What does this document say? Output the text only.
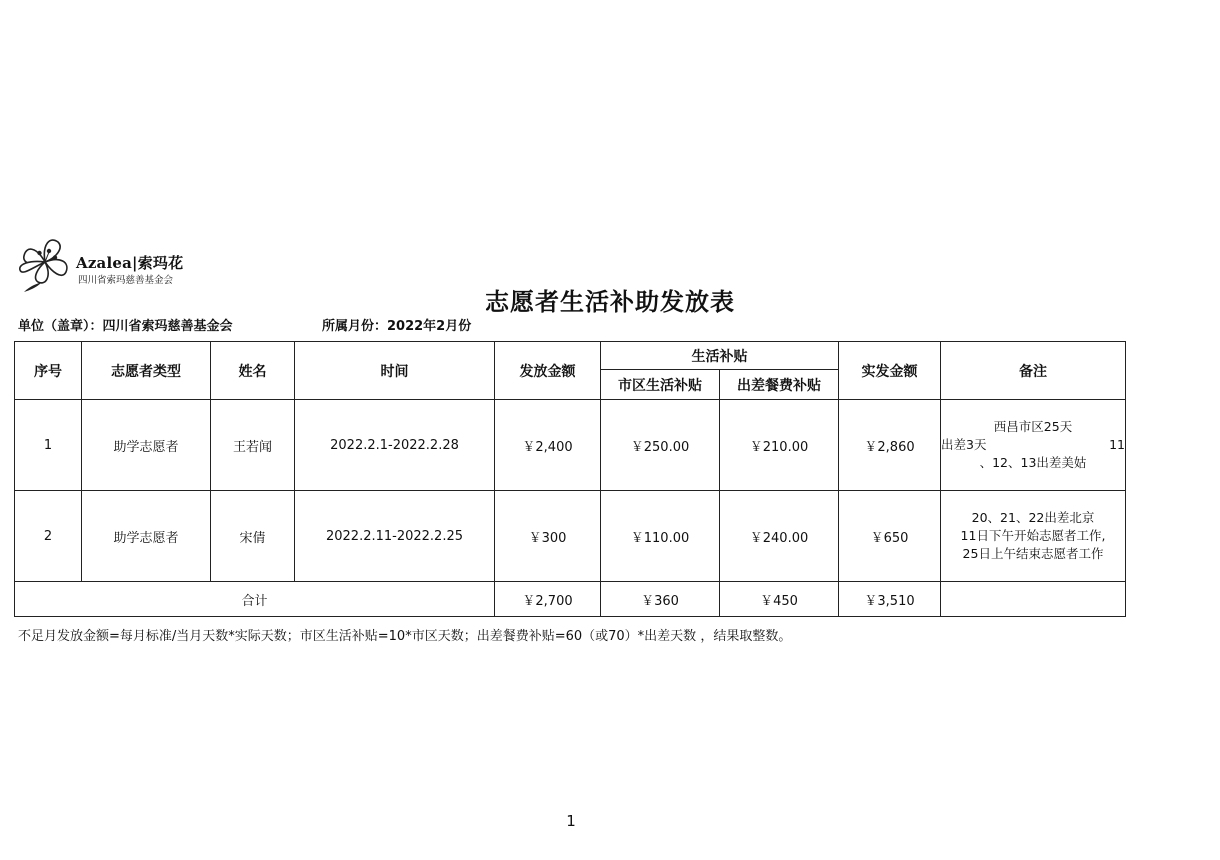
Azalea|索玛花
四川省索玛慈善基金会
志愿者生活补助发放表
单位（盖章）：四川省索玛慈善基金会	所属月份：2022年2月份
序号	志愿者类型	姓名	时间	发放金额	生活补贴		实发金额	备注
					市区生活补贴	出差餐费补贴		
1	助学志愿者	王若闻	2022.2.1-2022.2.28	￥2,400	￥250.00	￥210.00	￥2,860	西昌市区25天
出差3天 11
、12、13出差美姑

2	助学志愿者	宋倩	2022.2.11-2022.2.25	￥300	￥110.00	￥240.00	￥650	20、21、22出差北京
11日下午开始志愿者工作,
25日上午结束志愿者工作

合计				￥2,700	￥360	￥450	￥3,510	
不足月发放金额=每月标准/当月天数*实际天数；市区生活补贴=10*市区天数；出差餐费补贴=60（或70）*出差天数 ，结果取整数。
1
